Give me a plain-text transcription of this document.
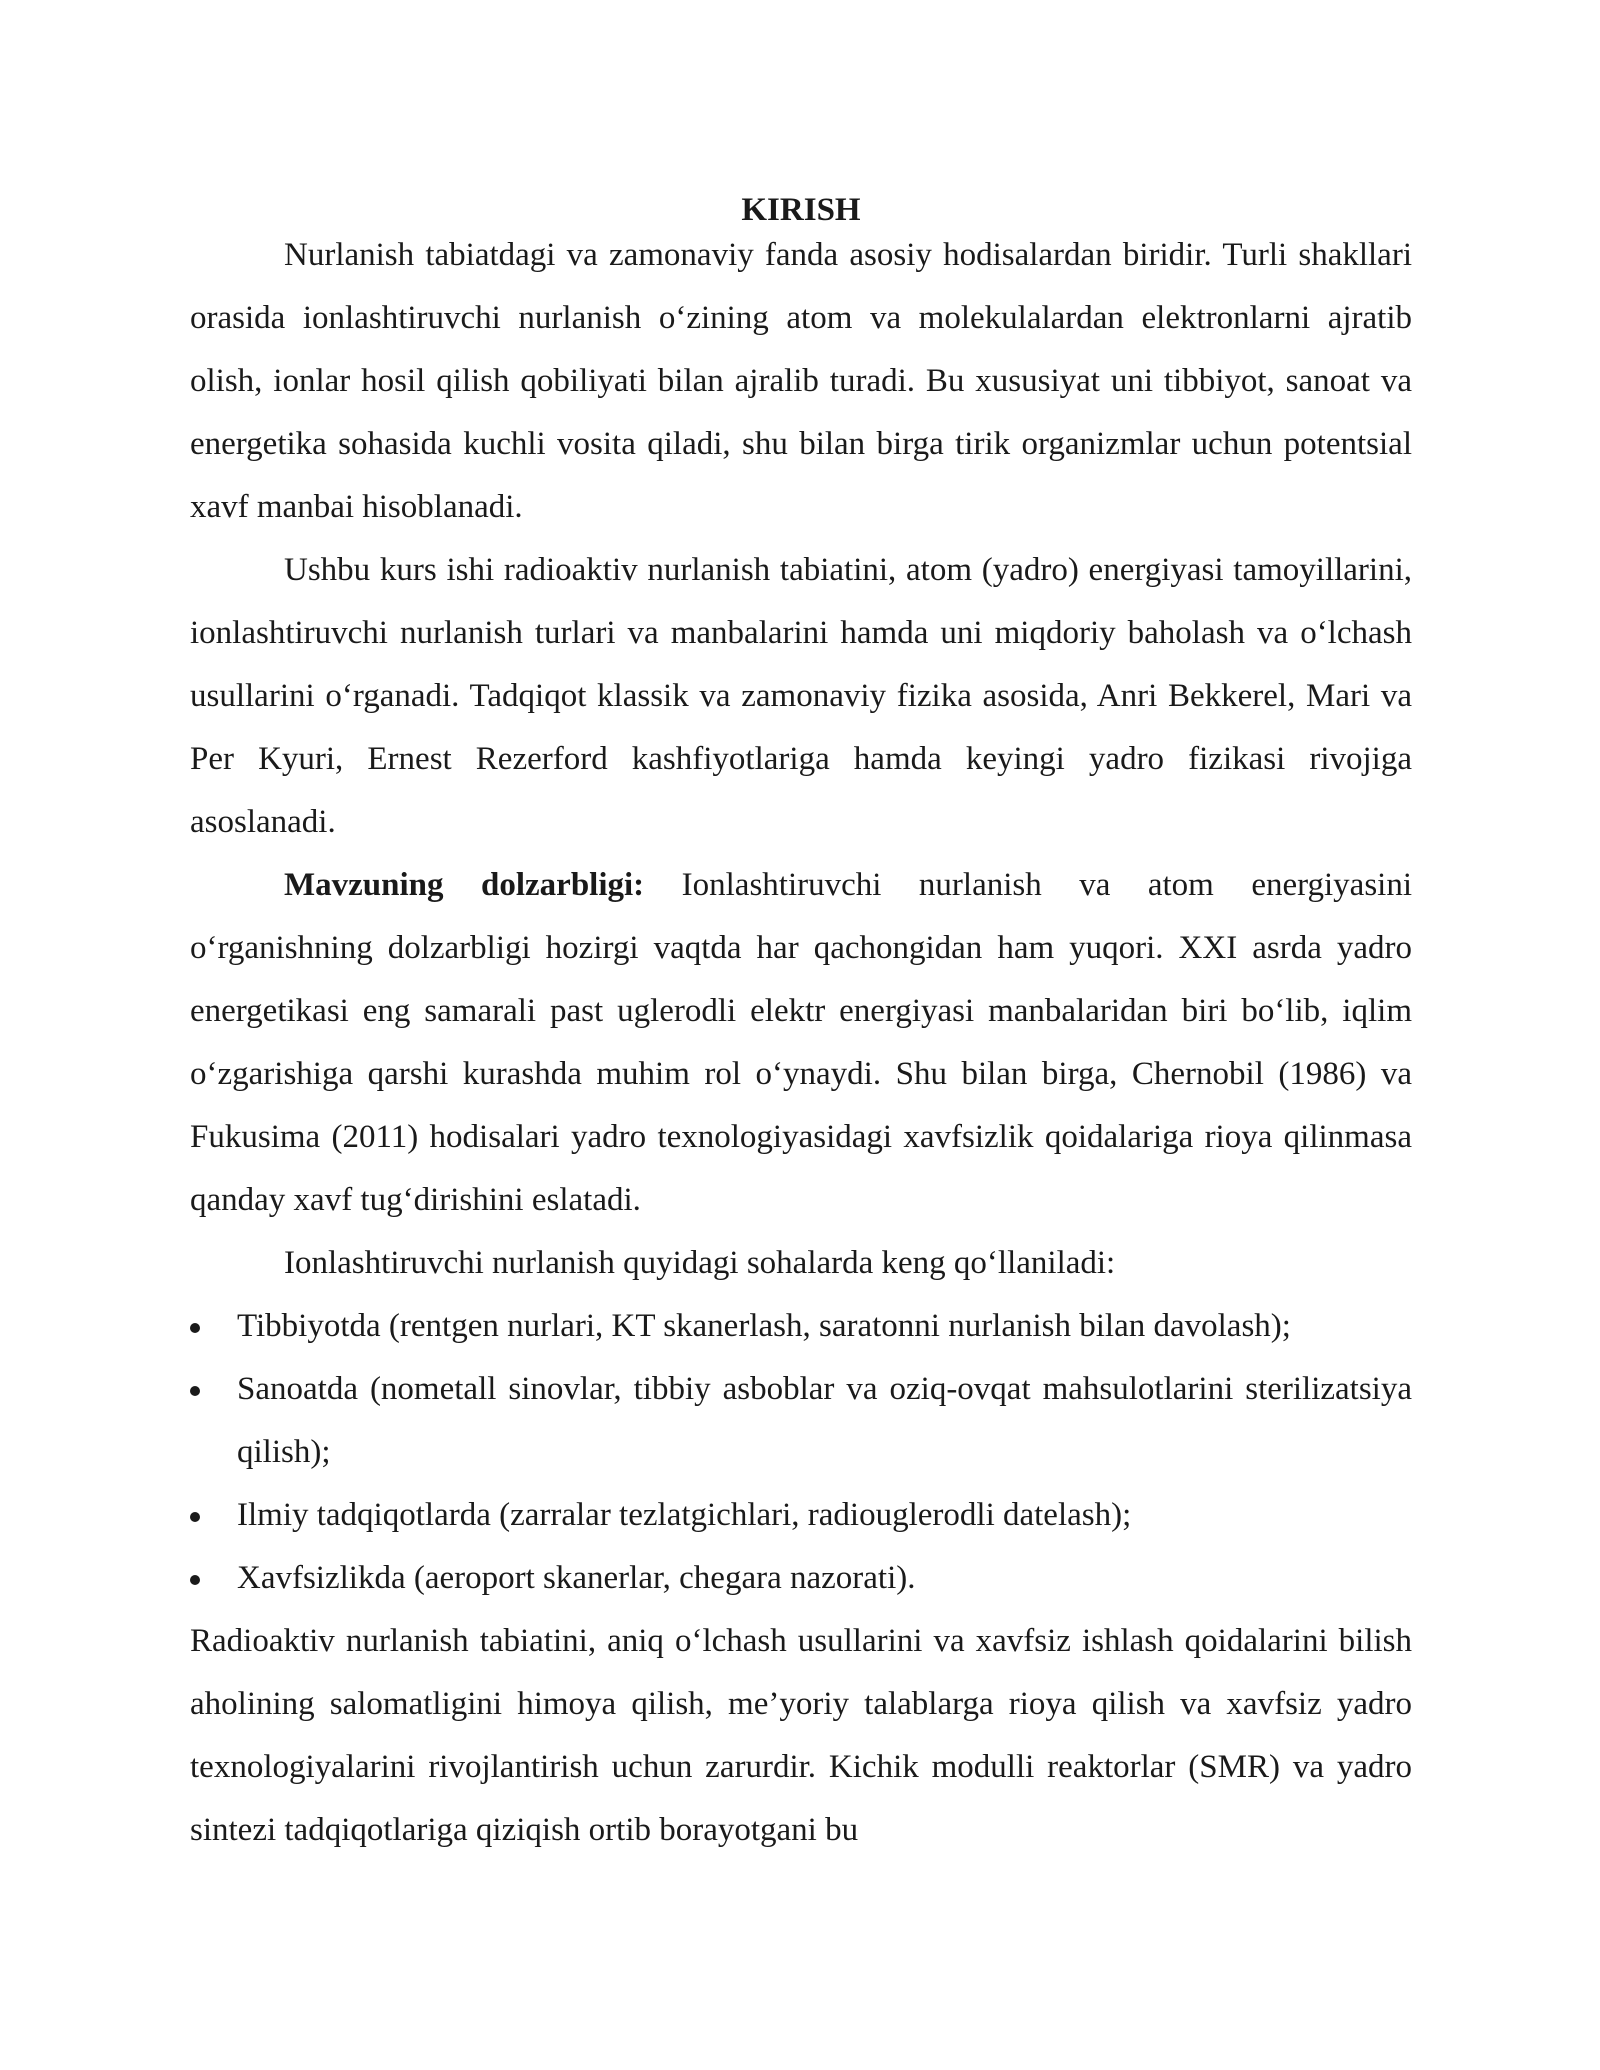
KIRISH

Nurlanish tabiatdagi va zamonaviy fanda asosiy hodisalardan biridir. Turli shakllari orasida ionlashtiruvchi nurlanish o‘zining atom va molekulalardan elektronlarni ajratib olish, ionlar hosil qilish qobiliyati bilan ajralib turadi. Bu xususiyat uni tibbiyot, sanoat va energetika sohasida kuchli vosita qiladi, shu bilan birga tirik organizmlar uchun potentsial xavf manbai hisoblanadi.

Ushbu kurs ishi radioaktiv nurlanish tabiatini, atom (yadro) energiyasi tamoyillarini, ionlashtiruvchi nurlanish turlari va manbalarini hamda uni miqdoriy baholash va o‘lchash usullarini o‘rganadi. Tadqiqot klassik va zamonaviy fizika asosida, Anri Bekkerel, Mari va Per Kyuri, Ernest Rezerford kashfiyotlariga hamda keyingi yadro fizikasi rivojiga asoslanadi.

Mavzuning dolzarbligi: Ionlashtiruvchi nurlanish va atom energiyasini o‘rganishning dolzarbligi hozirgi vaqtda har qachongidan ham yuqori. XXI asrda yadro energetikasi eng samarali past uglerodli elektr energiyasi manbalaridan biri bo‘lib, iqlim o‘zgarishiga qarshi kurashda muhim rol o‘ynaydi. Shu bilan birga, Chernobil (1986) va Fukusima (2011) hodisalari yadro texnologiyasidagi xavfsizlik qoidalariga rioya qilinmasa qanday xavf tug‘dirishini eslatadi.

Ionlashtiruvchi nurlanish quyidagi sohalarda keng qo‘llaniladi:

Tibbiyotda (rentgen nurlari, KT skanerlash, saratonni nurlanish bilan davolash);
Sanoatda (nometall sinovlar, tibbiy asboblar va oziq-ovqat mahsulotlarini sterilizatsiya qilish);
Ilmiy tadqiqotlarda (zarralar tezlatgichlari, radiouglerodli datelash);
Xavfsizlikda (aeroport skanerlar, chegara nazorati).

Radioaktiv nurlanish tabiatini, aniq o‘lchash usullarini va xavfsiz ishlash qoidalarini bilish aholining salomatligini himoya qilish, me’yoriy talablarga rioya qilish va xavfsiz yadro texnologiyalarini rivojlantirish uchun zarurdir. Kichik modulli reaktorlar (SMR) va yadro sintezi tadqiqotlariga qiziqish ortib borayotgani bu
